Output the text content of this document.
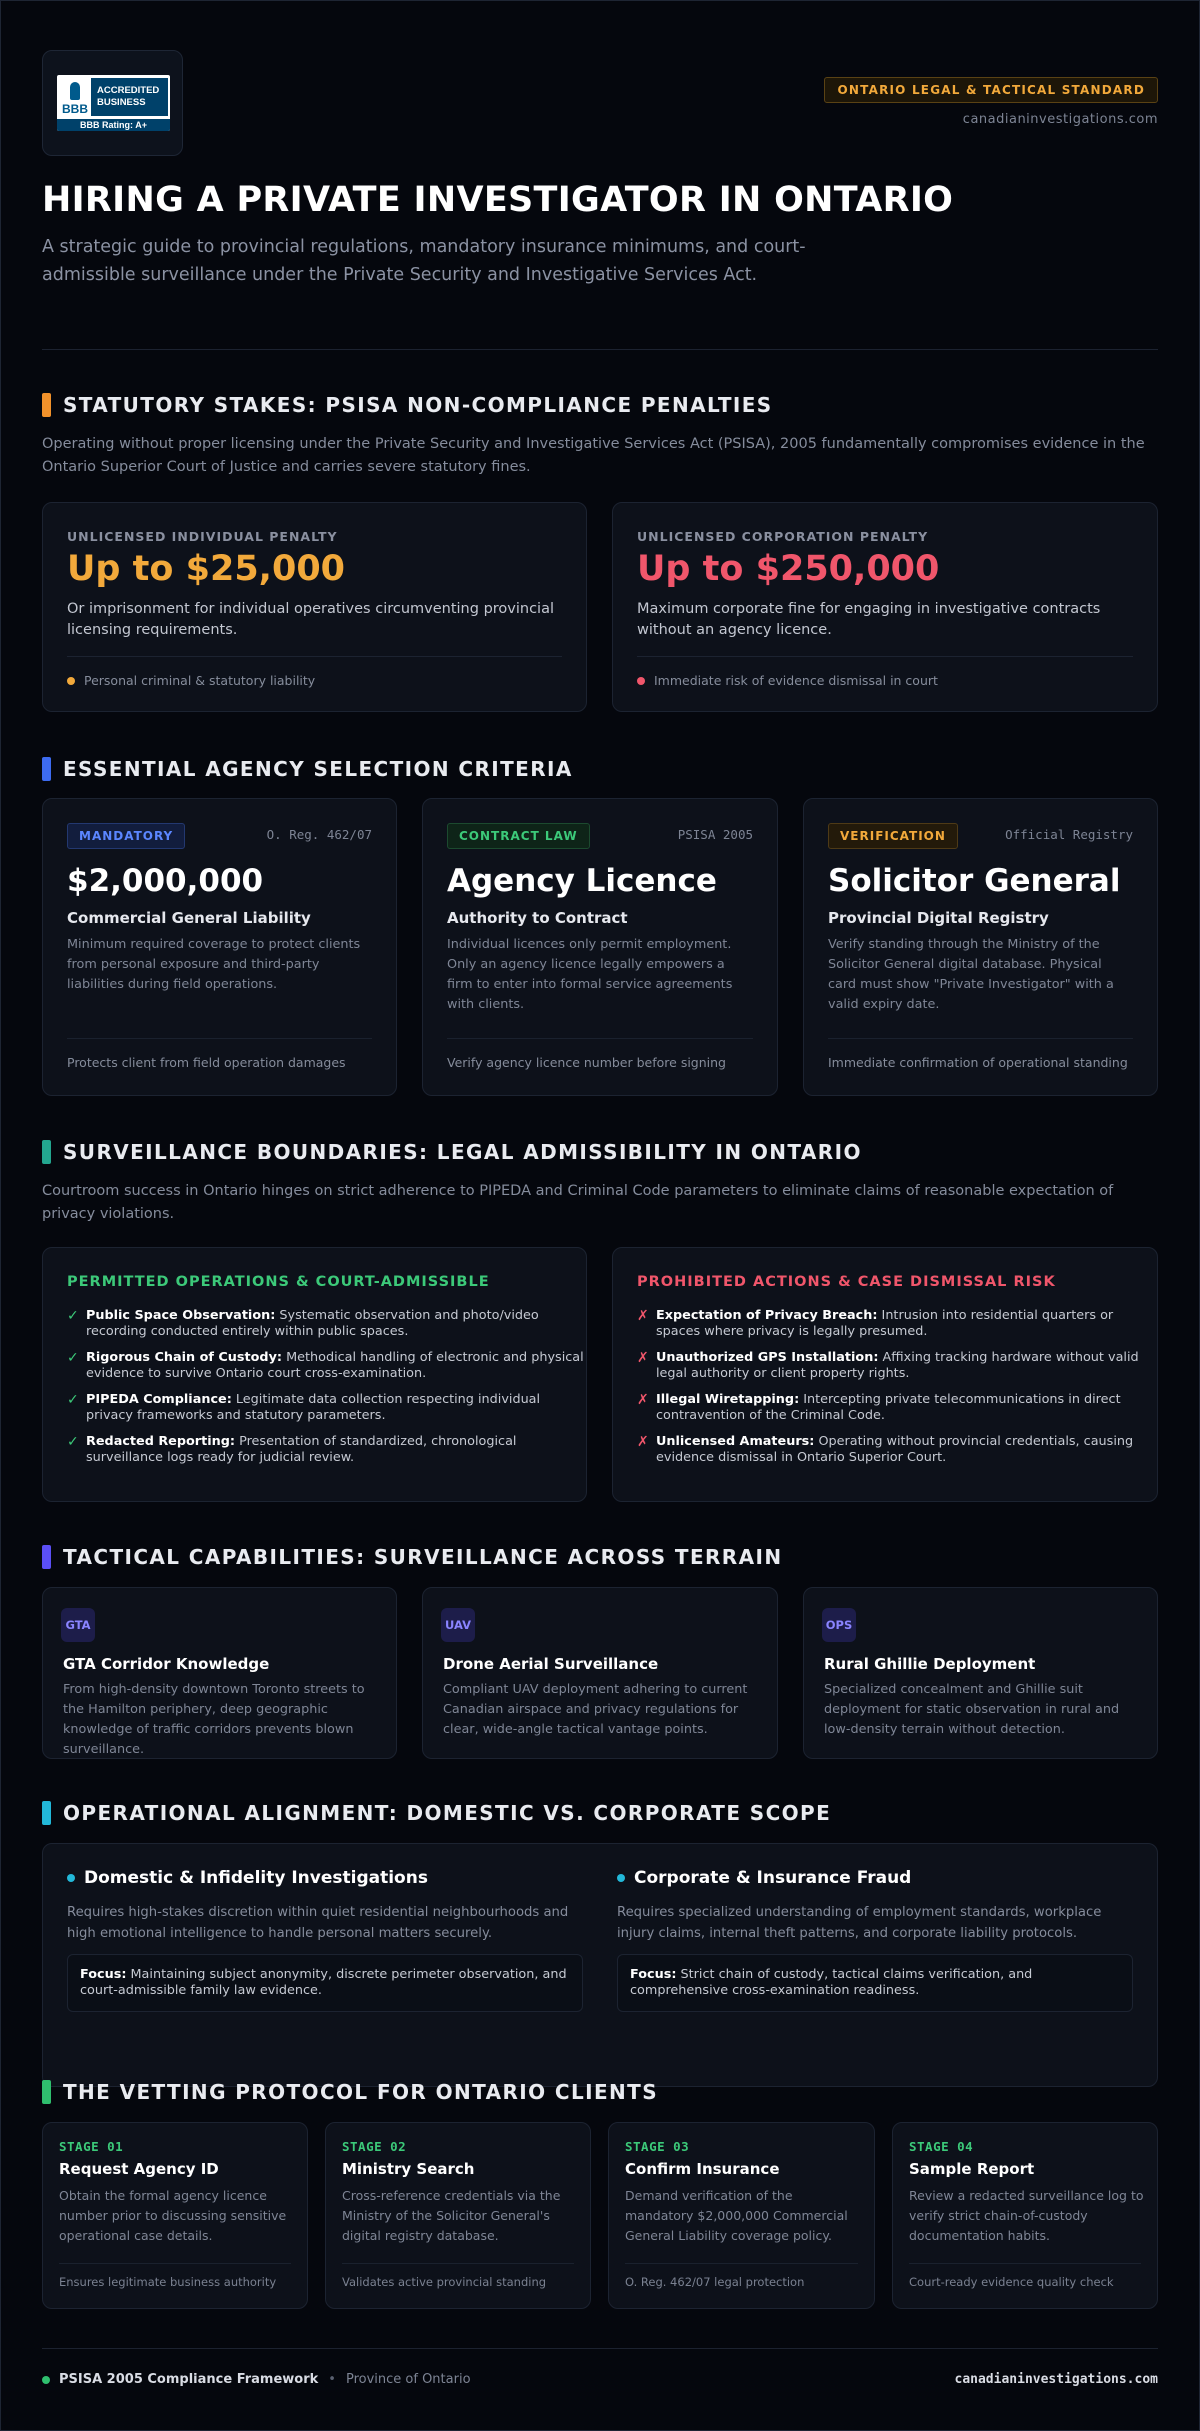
BBB
ACCREDITED
BUSINESS
BBB Rating: A+
ONTARIO LEGAL & TACTICAL STANDARD
canadianinvestigations.com
HIRING A PRIVATE INVESTIGATOR IN ONTARIO

A strategic guide to provincial regulations, mandatory insurance minimums, and court-admissible surveillance under the Private Security and Investigative Services Act.

STATUTORY STAKES: PSISA NON-COMPLIANCE PENALTIES

Operating without proper licensing under the Private Security and Investigative Services Act (PSISA), 2005 fundamentally compromises evidence in the Ontario Superior Court of Justice and carries severe statutory fines.

UNLICENSED INDIVIDUAL PENALTY
Up to $25,000
Or imprisonment for individual operatives circumventing provincial licensing requirements.
Personal criminal & statutory liability
UNLICENSED CORPORATION PENALTY
Up to $250,000
Maximum corporate fine for engaging in investigative contracts without an agency licence.
Immediate risk of evidence dismissal in court
ESSENTIAL AGENCY SELECTION CRITERIA
MANDATORY	O. Reg. 462/07
$2,000,000
Commercial General Liability
Minimum required coverage to protect clients from personal exposure and third-party liabilities during field operations.
Protects client from field operation damages
CONTRACT LAW	PSISA 2005
Agency Licence
Authority to Contract
Individual licences only permit employment. Only an agency licence legally empowers a firm to enter into formal service agreements with clients.
Verify agency licence number before signing
VERIFICATION	Official Registry
Solicitor General
Provincial Digital Registry
Verify standing through the Ministry of the Solicitor General digital database. Physical card must show "Private Investigator" with a valid expiry date.
Immediate confirmation of operational standing
SURVEILLANCE BOUNDARIES: LEGAL ADMISSIBILITY IN ONTARIO

Courtroom success in Ontario hinges on strict adherence to PIPEDA and Criminal Code parameters to eliminate claims of reasonable expectation of privacy violations.

PERMITTED OPERATIONS & COURT-ADMISSIBLE
✓ Public Space Observation: Systematic observation and photo/video recording conducted entirely within public spaces.
✓ Rigorous Chain of Custody: Methodical handling of electronic and physical evidence to survive Ontario court cross-examination.
✓ PIPEDA Compliance: Legitimate data collection respecting individual privacy frameworks and statutory parameters.
✓ Redacted Reporting: Presentation of standardized, chronological surveillance logs ready for judicial review.
PROHIBITED ACTIONS & CASE DISMISSAL RISK
✗ Expectation of Privacy Breach: Intrusion into residential quarters or spaces where privacy is legally presumed.
✗ Unauthorized GPS Installation: Affixing tracking hardware without valid legal authority or client property rights.
✗ Illegal Wiretapping: Intercepting private telecommunications in direct contravention of the Criminal Code.
✗ Unlicensed Amateurs: Operating without provincial credentials, causing evidence dismissal in Ontario Superior Court.
TACTICAL CAPABILITIES: SURVEILLANCE ACROSS TERRAIN
GTA
GTA Corridor Knowledge
From high-density downtown Toronto streets to the Hamilton periphery, deep geographic knowledge of traffic corridors prevents blown surveillance.
UAV
Drone Aerial Surveillance
Compliant UAV deployment adhering to current Canadian airspace and privacy regulations for clear, wide-angle tactical vantage points.
OPS
Rural Ghillie Deployment
Specialized concealment and Ghillie suit deployment for static observation in rural and low-density terrain without detection.
OPERATIONAL ALIGNMENT: DOMESTIC VS. CORPORATE SCOPE
Domestic & Infidelity Investigations
Requires high-stakes discretion within quiet residential neighbourhoods and high emotional intelligence to handle personal matters securely.
Focus: Maintaining subject anonymity, discrete perimeter observation, and court-admissible family law evidence.
Corporate & Insurance Fraud
Requires specialized understanding of employment standards, workplace injury claims, internal theft patterns, and corporate liability protocols.
Focus: Strict chain of custody, tactical claims verification, and comprehensive cross-examination readiness.
THE VETTING PROTOCOL FOR ONTARIO CLIENTS
STAGE 01
Request Agency ID
Obtain the formal agency licence number prior to discussing sensitive operational case details.
Ensures legitimate business authority
STAGE 02
Ministry Search
Cross-reference credentials via the Ministry of the Solicitor General's digital registry database.
Validates active provincial standing
STAGE 03
Confirm Insurance
Demand verification of the mandatory $2,000,000 Commercial General Liability coverage policy.
O. Reg. 462/07 legal protection
STAGE 04
Sample Report
Review a redacted surveillance log to verify strict chain-of-custody documentation habits.
Court-ready evidence quality check
PSISA 2005 Compliance Framework • Province of Ontario	canadianinvestigations.com
